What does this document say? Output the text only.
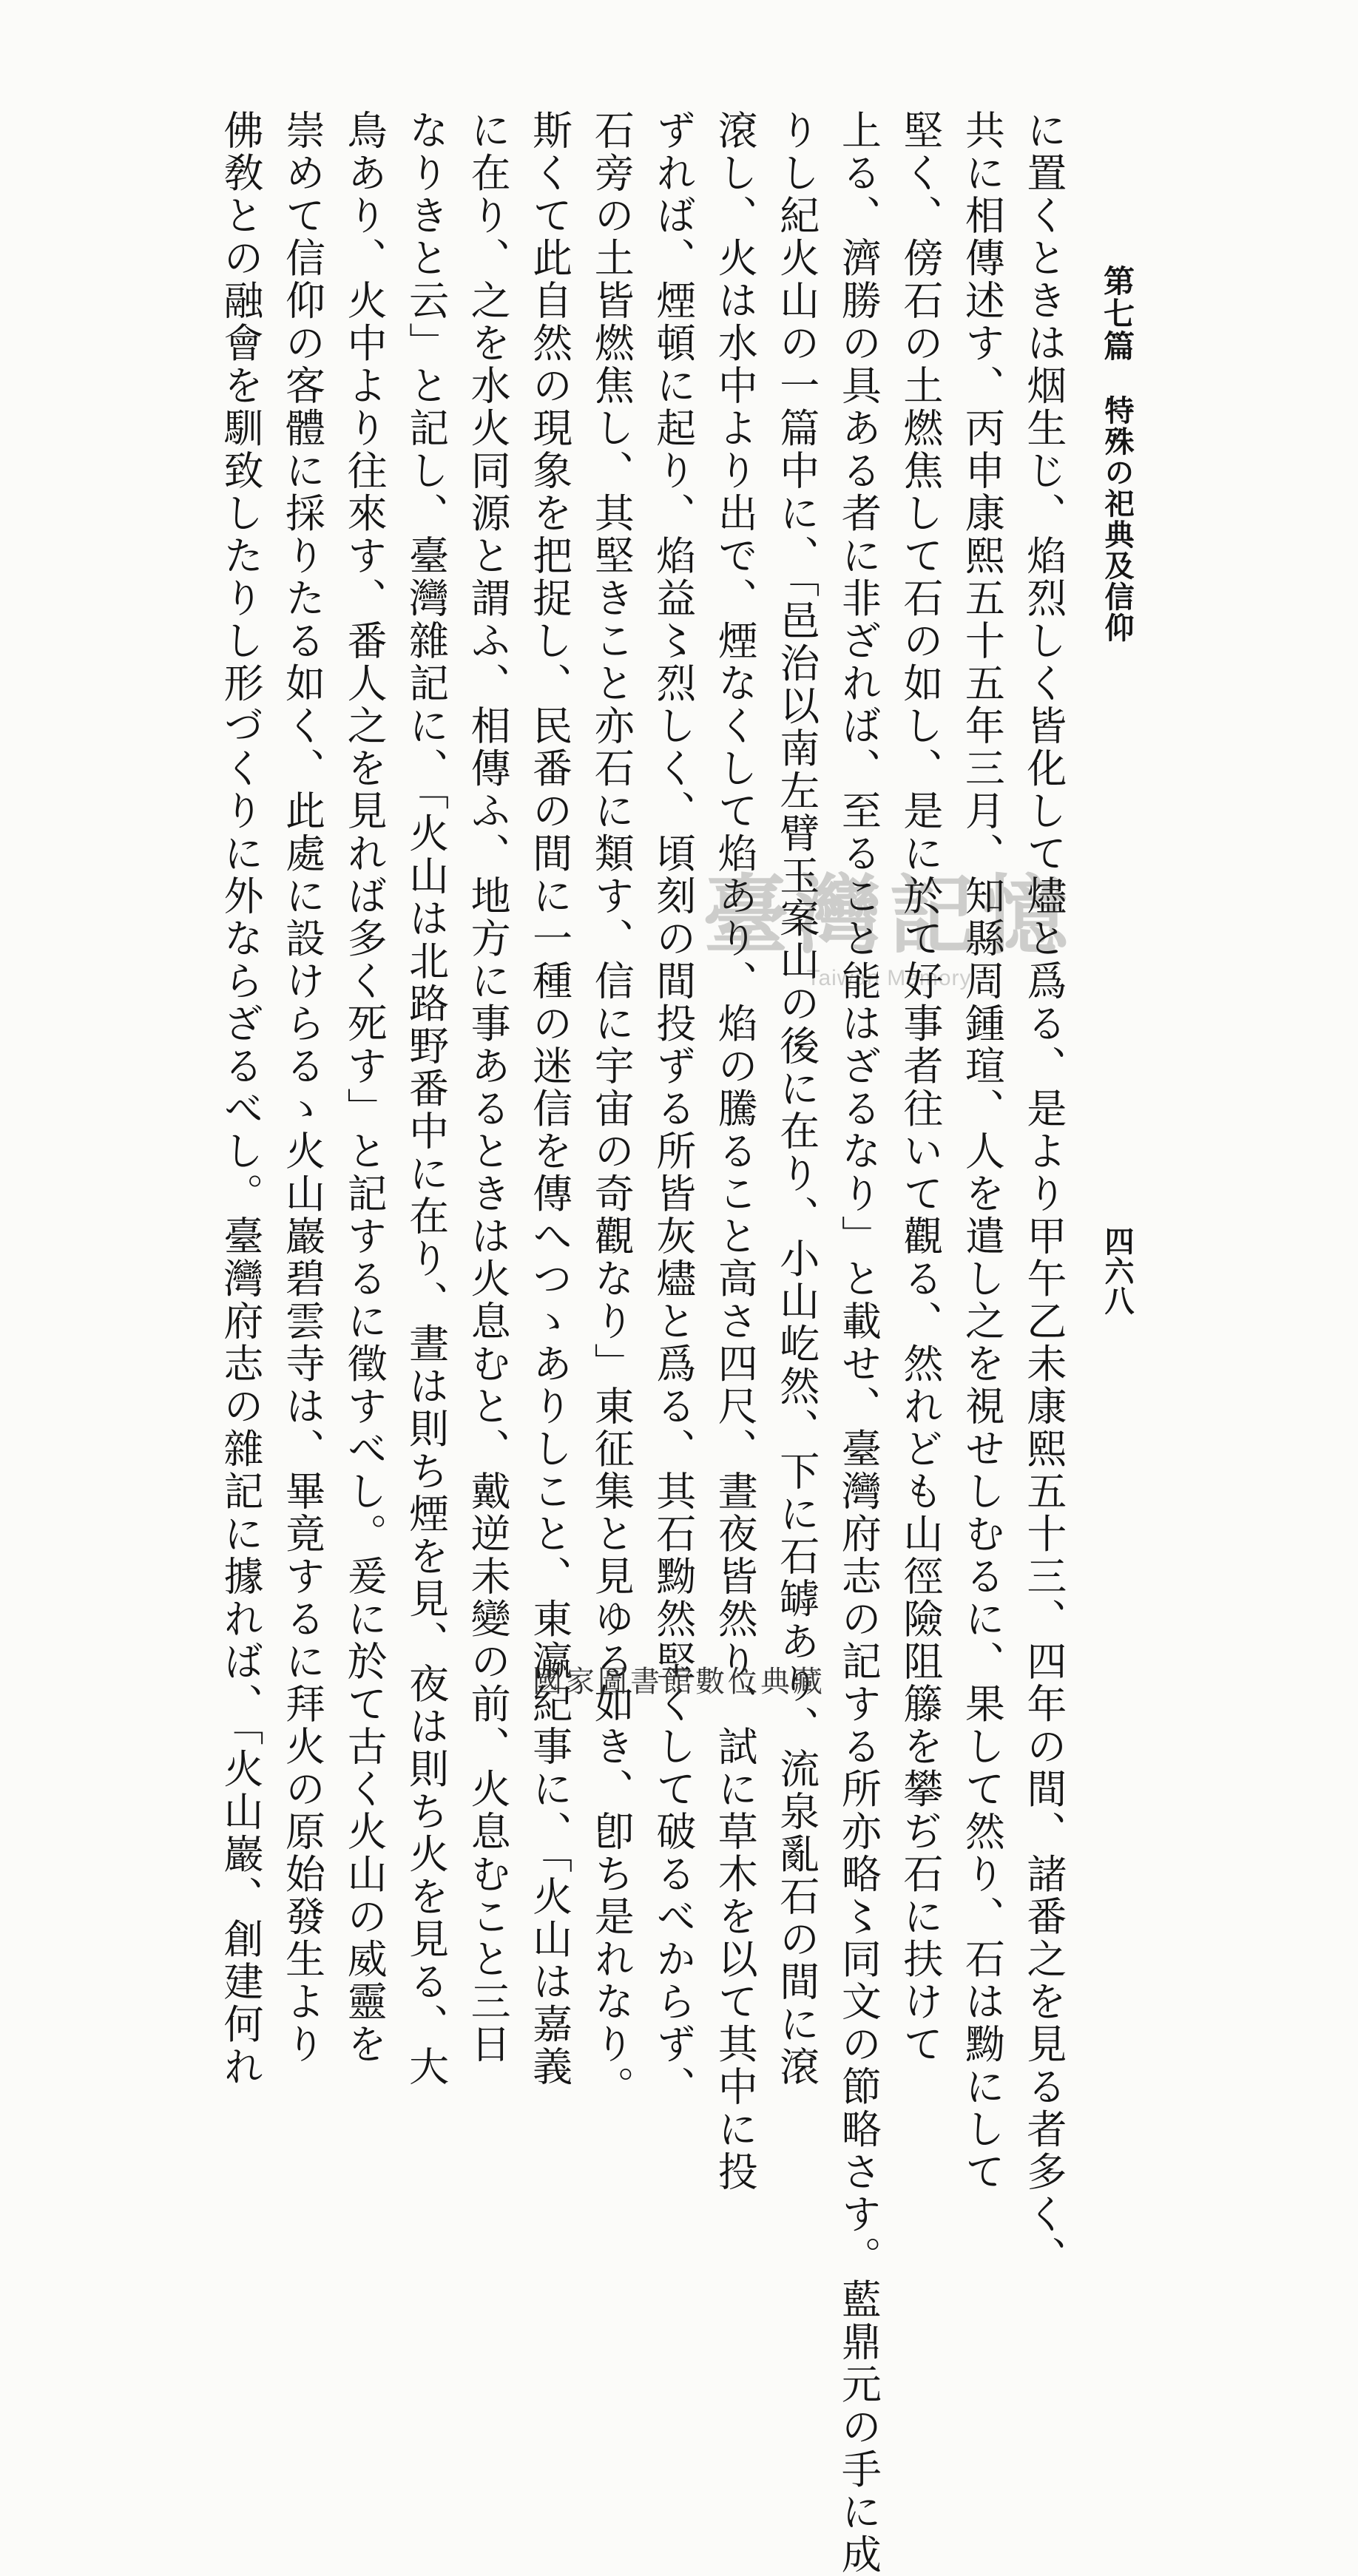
第七篇特殊の祀典及信仰
四六八
に置くときは烟生じ、焰烈しく皆化して燼と爲る、是より甲午乙未康熙五十三、四年の間、諸番之を見る者多く、
共に相傳述す、丙申康熙五十五年三月、知縣周鍾瑄、人を遣し之を視せしむるに、果して然り、石は黝にして
堅く、傍石の土燃焦して石の如し、是に於て好事者往いて觀る、然れども山徑險阻籐を攀ぢ石に扶けて
上る、濟勝の具ある者に非ざれば、至ること能はざるなり」と載せ、臺灣府志の記する所亦略〻同文の節略さす。藍鼎元の手に成
りし紀火山の一篇中に、「邑治以南左臂玉案山の後に在り、小山屹然、下に石罅あり、流泉亂石の間に滾
滾し、火は水中より出で、煙なくして焰あり、焰の騰ること高さ四尺、晝夜皆然り、試に草木を以て其中に投
ずれば、煙頓に起り、焰益〻烈しく、頃刻の間投ずる所皆灰燼と爲る、其石黝然堅くして破るべからず、
石旁の土皆燃焦し、其堅きこと亦石に類す、信に宇宙の奇觀なり」東征集と見ゆる如き、卽ち是れなり。
斯くて此自然の現象を把捉し、民番の間に一種の迷信を傳へつゝありしこと、東瀛紀事に、「火山は嘉義
に在り、之を水火同源と謂ふ、相傳ふ、地方に事あるときは火息むと、戴逆未變の前、火息むこと三日
なりきと云」と記し、臺灣雜記に、「火山は北路野番中に在り、晝は則ち煙を見、夜は則ち火を見る、大
鳥あり、火中より往來す、番人之を見れば多く死す」と記するに徵すべし。爰に於て古く火山の威靈を
崇めて信仰の客體に採りたる如く、此處に設けらるゝ火山巖碧雲寺は、畢竟するに拜火の原始發生より
佛敎との融會を馴致したりし形づくりに外ならざるべし。臺灣府志の雜記に據れば、「火山巖、創建何れ	臺灣記憶
Taiwan Memory
國家圖書館數位典藏
